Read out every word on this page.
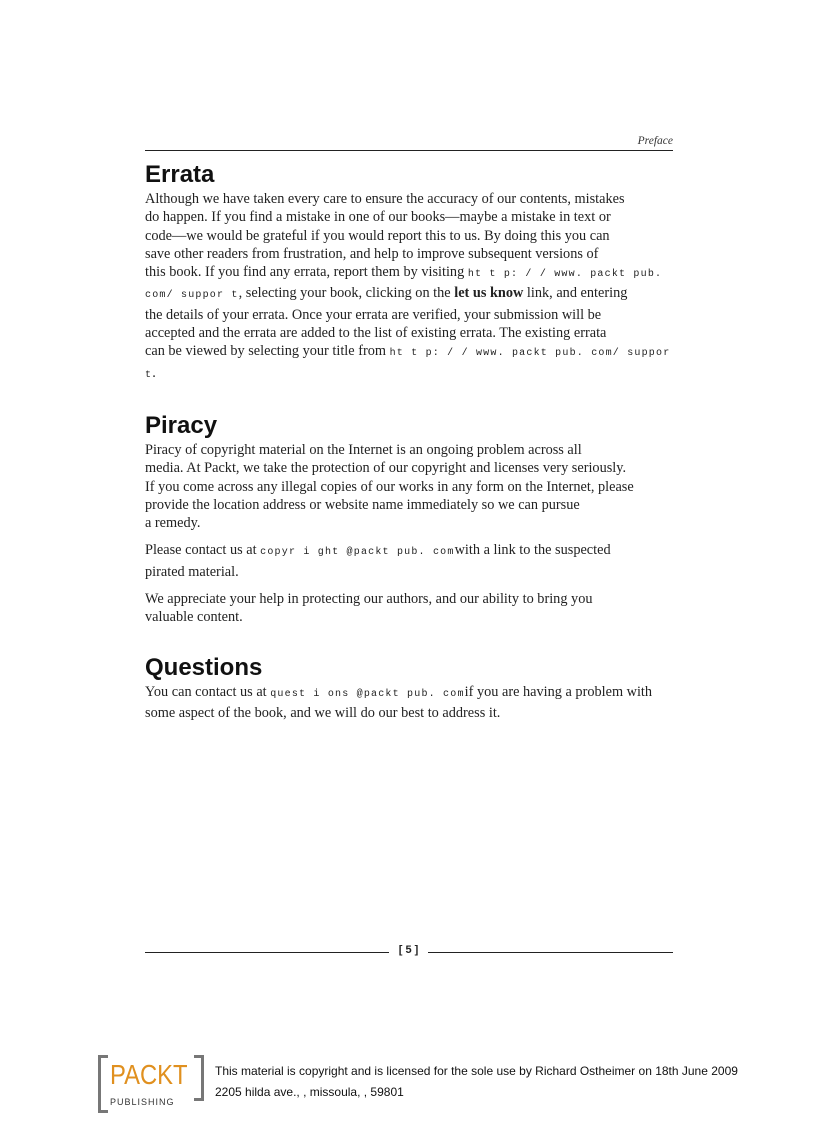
Preface
Errata

Although we have taken every care to ensure the accuracy of our contents, mistakes
do happen. If you find a mistake in one of our books—maybe a mistake in text or
code—we would be grateful if you would report this to us. By doing this you can
save other readers from frustration, and help to improve subsequent versions of
this book. If you find any errata, report them by visiting ht t p: / / www. packt pub.
com/ suppor t, selecting your book, clicking on the let us know link, and entering
the details of your errata. Once your errata are verified, your submission will be
accepted and the errata are added to the list of existing errata. The existing errata
can be viewed by selecting your title from ht t p: / / www. packt pub. com/ suppor t.

Piracy

Piracy of copyright material on the Internet is an ongoing problem across all
media. At Packt, we take the protection of our copyright and licenses very seriously.
If you come across any illegal copies of our works in any form on the Internet, please
provide the location address or website name immediately so we can pursue
a remedy.

Please contact us at copyr i ght @packt pub. comwith a link to the suspected
pirated material.

We appreciate your help in protecting our authors, and our ability to bring you
valuable content.

Questions

You can contact us at quest i ons @packt pub. comif you are having a problem with
some aspect of the book, and we will do our best to address it.

[ 5 ]
PACKT
PUBLISHING
This material is copyright and is licensed for the sole use by Richard Ostheimer on 18th June 2009
2205 hilda ave., , missoula, , 59801
